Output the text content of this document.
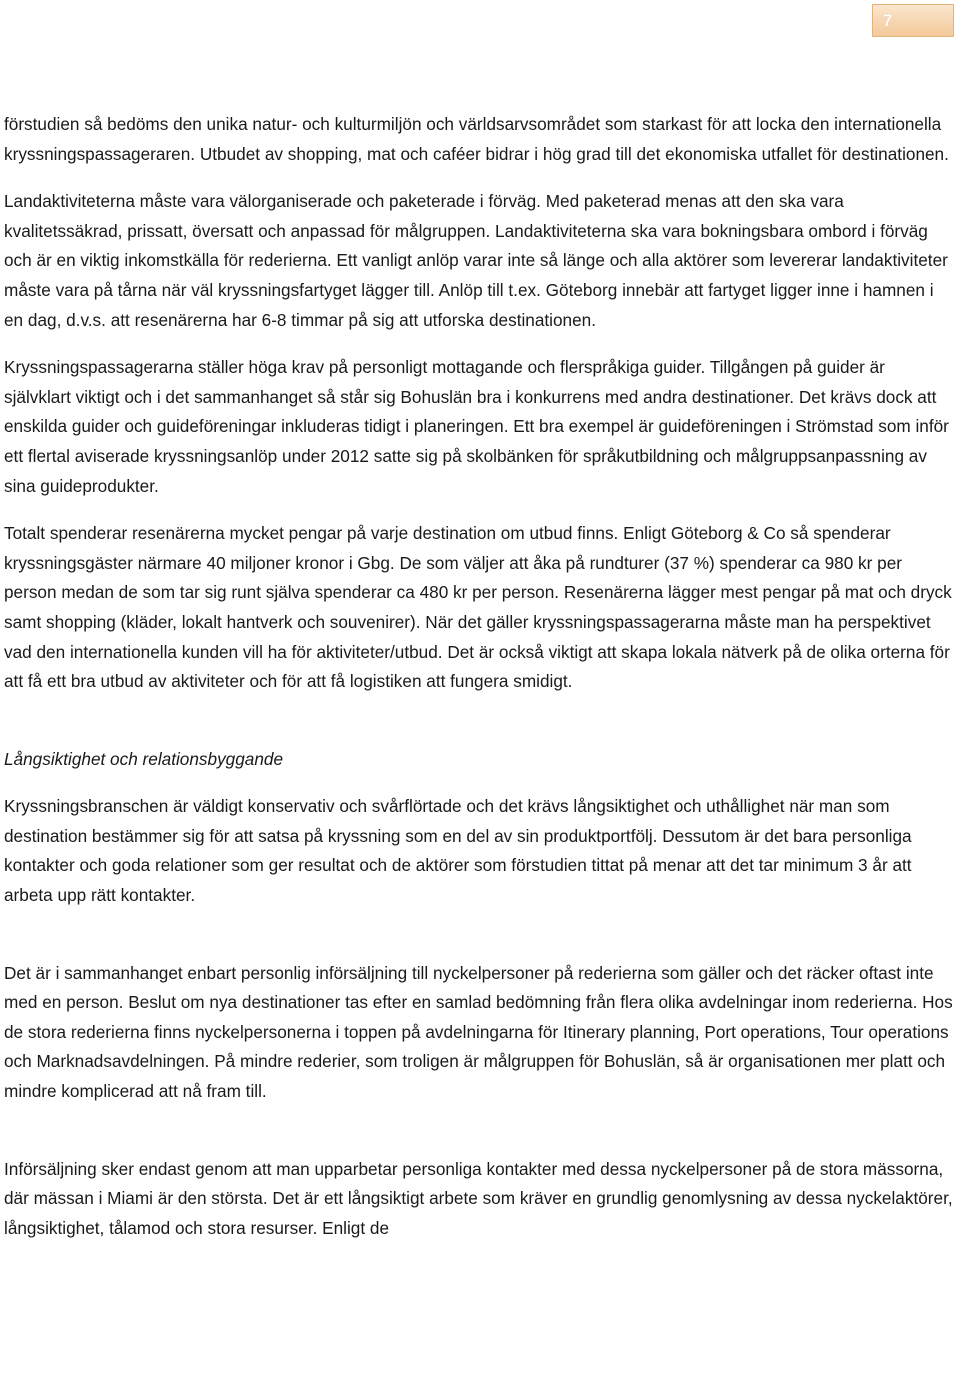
7

förstudien så bedöms den unika natur- och kulturmiljön och världsarvsområdet som starkast för att locka den internationella kryssningspassageraren. Utbudet av shopping, mat och caféer bidrar i hög grad till det ekonomiska utfallet för destinationen.

Landaktiviteterna måste vara välorganiserade och paketerade i förväg. Med paketerad menas att den ska vara kvalitetssäkrad, prissatt, översatt och anpassad för målgruppen. Landaktiviteterna ska vara bokningsbara ombord i förväg och är en viktig inkomstkälla för rederierna. Ett vanligt anlöp varar inte så länge och alla aktörer som levererar landaktiviteter måste vara på tårna när väl kryssningsfartyget lägger till. Anlöp till t.ex. Göteborg innebär att fartyget ligger inne i hamnen i en dag, d.v.s. att resenärerna har 6-8 timmar på sig att utforska destinationen.

Kryssningspassagerarna ställer höga krav på personligt mottagande och flerspråkiga guider. Tillgången på guider är självklart viktigt och i det sammanhanget så står sig Bohuslän bra i konkurrens med andra destinationer. Det krävs dock att enskilda guider och guideföreningar inkluderas tidigt i planeringen. Ett bra exempel är guideföreningen i Strömstad som inför ett flertal aviserade kryssningsanlöp under 2012 satte sig på skolbänken för språkutbildning och målgruppsanpassning av sina guideprodukter.

Totalt spenderar resenärerna mycket pengar på varje destination om utbud finns. Enligt Göteborg & Co så spenderar kryssningsgäster närmare 40 miljoner kronor i Gbg. De som väljer att åka på rundturer (37 %) spenderar ca 980 kr per person medan de som tar sig runt själva spenderar ca 480 kr per person. Resenärerna lägger mest pengar på mat och dryck samt shopping (kläder, lokalt hantverk och souvenirer). När det gäller kryssningspassagerarna måste man ha perspektivet vad den internationella kunden vill ha för aktiviteter/utbud. Det är också viktigt att skapa lokala nätverk på de olika orterna för att få ett bra utbud av aktiviteter och för att få logistiken att fungera smidigt.

Långsiktighet och relationsbyggande

Kryssningsbranschen är väldigt konservativ och svårflörtade och det krävs långsiktighet och uthållighet när man som destination bestämmer sig för att satsa på kryssning som en del av sin produktportfölj. Dessutom är det bara personliga kontakter och goda relationer som ger resultat och de aktörer som förstudien tittat på menar att det tar minimum 3 år att arbeta upp rätt kontakter.

Det är i sammanhanget enbart personlig införsäljning till nyckelpersoner på rederierna som gäller och det räcker oftast inte med en person. Beslut om nya destinationer tas efter en samlad bedömning från flera olika avdelningar inom rederierna. Hos de stora rederierna finns nyckelpersonerna i toppen på avdelningarna för Itinerary planning, Port operations, Tour operations och Marknadsavdelningen. På mindre rederier, som troligen är målgruppen för Bohuslän, så är organisationen mer platt och mindre komplicerad att nå fram till.

Införsäljning sker endast genom att man upparbetar personliga kontakter med dessa nyckelpersoner på de stora mässorna, där mässan i Miami är den största. Det är ett långsiktigt arbete som kräver en grundlig genomlysning av dessa nyckelaktörer, långsiktighet, tålamod och stora resurser. Enligt de
